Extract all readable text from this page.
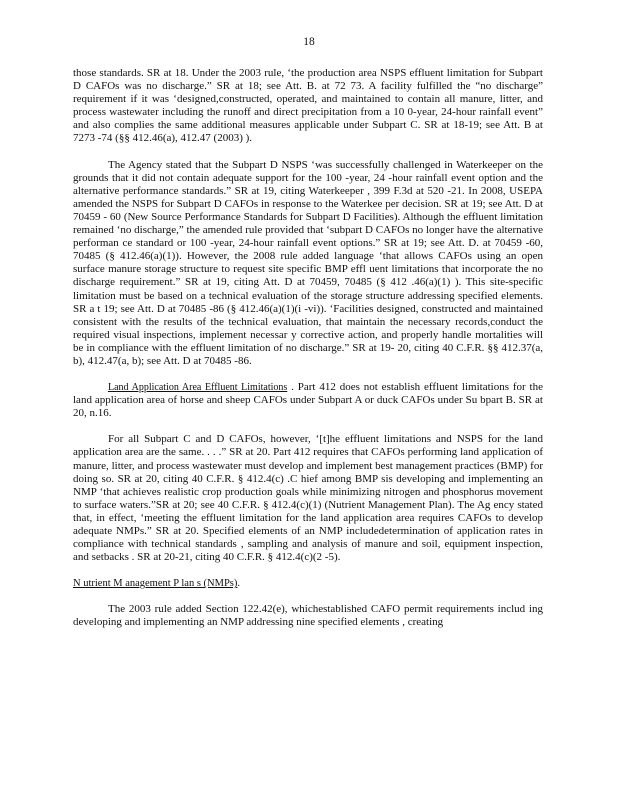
18

those standards. SR at 18. Under the 2003 rule, ‘the production area NSPS effluent limitation for Subpart D CAFOs was no discharge.” SR at 18; see Att. B. at 72 73. A facility fulfilled the “no discharge” requirement if it was ‘designed,constructed, operated, and maintained to contain all manure, litter, and process wastewater including the runoff and direct precipitation from a 10 0-year, 24-hour rainfall event” and also complies the same additional measures applicable under Subpart C. SR at 18-19; see Att. B at 7273 -74 (§§ 412.46(a), 412.47 (2003) ).

The Agency stated that the Subpart D NSPS ‘was successfully challenged in Waterkeeper on the grounds that it did not contain adequate support for the 100 -year, 24 -hour rainfall event option and the alternative performance standards.” SR at 19, citing Waterkeeper , 399 F.3d at 520 -21. In 2008, USEPA amended the NSPS for Subpart D CAFOs in response to the Waterkee per decision. SR at 19; see Att. D at 70459 - 60 (New Source Performance Standards for Subpart D Facilities). Although the effluent limitation remained ‘no discharge,” the amended rule provided that ‘subpart D CAFOs no longer have the alternative performan ce standard or 100 -year, 24-hour rainfall event options.” SR at 19; see Att. D. at 70459 -60, 70485 (§ 412.46(a)(1)). However, the 2008 rule added language ‘that allows CAFOs using an open surface manure storage structure to request site specific BMP effl uent limitations that incorporate the no discharge requirement.” SR at 19, citing Att. D at 70459, 70485 (§ 412 .46(a)(1) ). This site-specific limitation must be based on a technical evaluation of the storage structure addressing specified elements. SR a t 19; see Att. D at 70485 -86 (§ 412.46(a)(1)(i -vi)). ‘Facilities designed, constructed and maintained consistent with the results of the technical evaluation, that maintain the necessary records,conduct the required visual inspections, implement necessar y corrective action, and properly handle mortalities will be in compliance with the effluent limitation of no discharge.” SR at 19- 20, citing 40 C.F.R. §§ 412.37(a, b), 412.47(a, b); see Att. D at 70485 -86.

Land Application Area Effluent Limitations . Part 412 does not establish effluent limitations for the land application area of horse and sheep CAFOs under Subpart A or duck CAFOs under Su bpart B. SR at 20, n.16.

For all Subpart C and D CAFOs, however, ‘[t]he effluent limitations and NSPS for the land application area are the same. . . .” SR at 20. Part 412 requires that CAFOs performing land application of manure, litter, and process wastewater must develop and implement best management practices (BMP) for doing so. SR at 20, citing 40 C.F.R. § 412.4(c) .C hief among BMP sis developing and implementing an NMP ‘that achieves realistic crop production goals while minimizing nitrogen and phosphorus movement to surface waters.”SR at 20; see 40 C.F.R. § 412.4(c)(1) (Nutrient Management Plan). The Ag ency stated that, in effect, ‘meeting the effluent limitation for the land application area requires CAFOs to develop adequate NMPs.” SR at 20. Specified elements of an NMP includedetermination of application rates in compliance with technical standards , sampling and analysis of manure and soil, equipment inspection, and setbacks . SR at 20-21, citing 40 C.F.R. § 412.4(c)(2 -5).

N utrient M anagement P lan s (NMPs).

The 2003 rule added Section 122.42(e), whichestablished CAFO permit requirements includ ing developing and implementing an NMP addressing nine specified elements , creating
